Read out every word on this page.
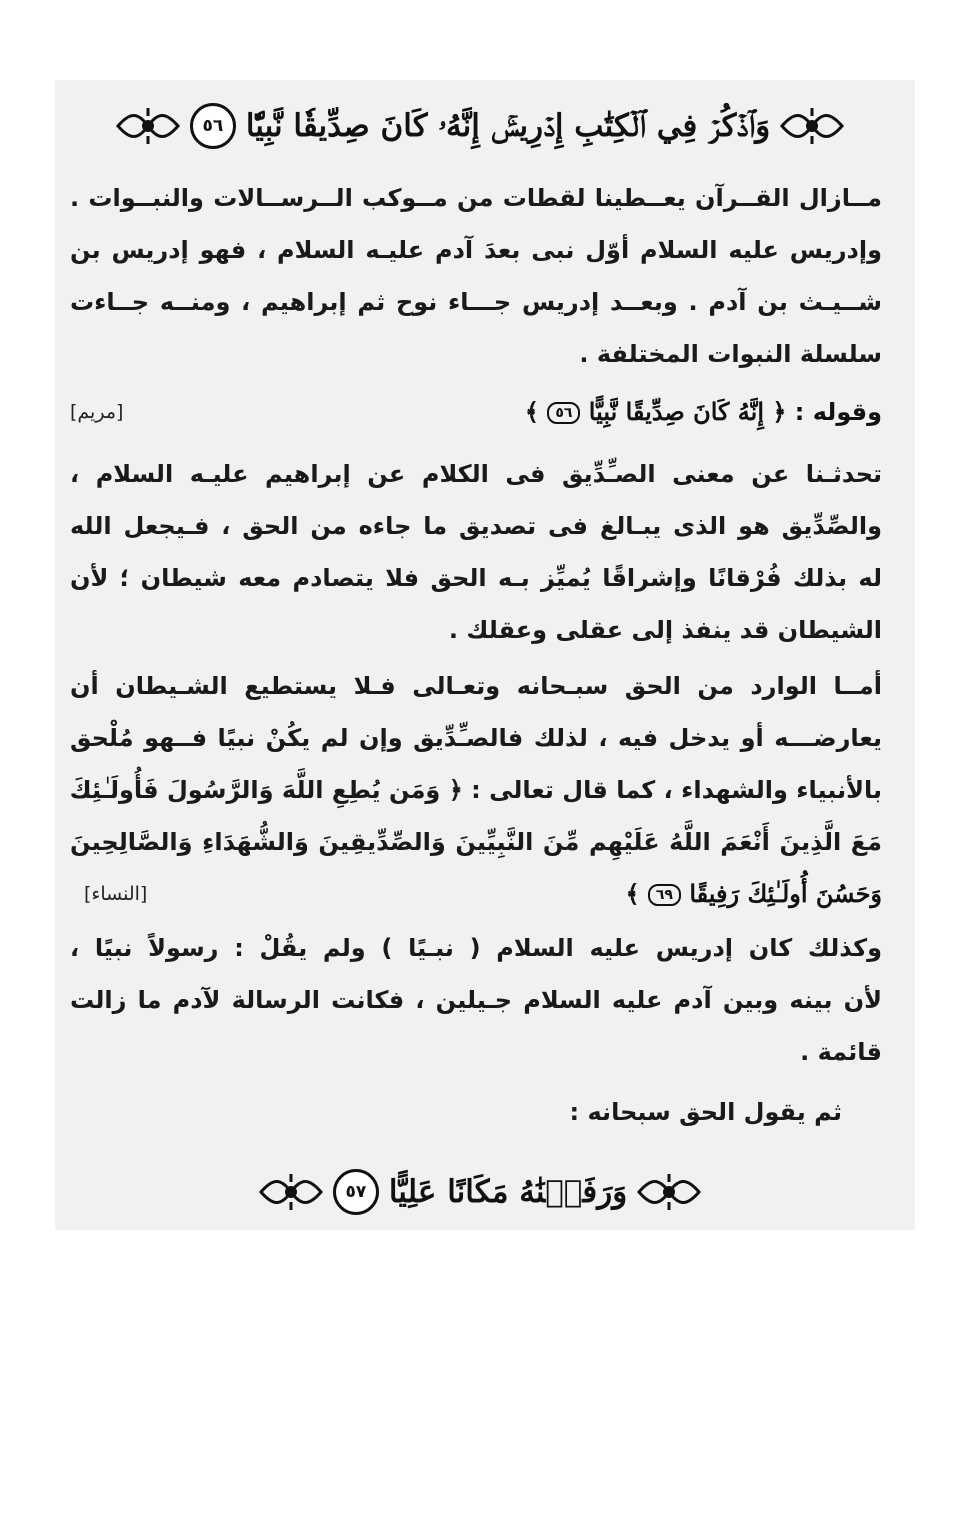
وَٱذۡكُرۡ فِي ٱلۡكِتَٰبِ إِدۡرِيسَۚ إِنَّهُۥ كَانَ صِدِّيقٗا نَّبِيّٗا
٥٦
مــازال القــرآن يعــطينا لقطات من مــوكب الــرســالات والنبــوات .
وإدريس عليه السلام أوّل نبى بعدَ آدم عليـه السلام ، فهو إدريس بن
شــيـث بن آدم . وبعــد إدريس جـــاء نوح ثم إبراهيم ، ومنــه جــاءت
سلسلة النبوات المختلفة .
وقوله : ﴿ إِنَّهُ كَانَ صِدِّيقًا نَّبِيًّا ٥٦ ﴾
[مريم]
تحدثـنا عن معنى الصـِّدِّيق فى الكلام عن إبراهيم عليـه السلام ،
والصِّدِّيق هو الذى يبـالغ فى تصديق ما جاءه من الحق ، فـيجعل الله
له بذلك فُرْقانًا وإشراقًا يُميِّز بـه الحق فلا يتصادم معه شيطان ؛ لأن
الشيطان قد ينفذ إلى عقلى وعقلك .
أمــا الوارد من الحق سبـحانه وتعـالى فـلا يستطيع الشـيطان أن
يعارضـــه أو يدخل فيه ، لذلك فالصـِّدِّيق وإن لم يكُنْ نبيًا فــهو مُلْحق
بالأنبياء والشهداء ، كما قال تعالى : ﴿ وَمَن يُطِعِ اللَّهَ وَالرَّسُولَ فَأُولَـٰئِكَ
مَعَ الَّذِينَ أَنْعَمَ اللَّهُ عَلَيْهِم مِّنَ النَّبِيِّينَ وَالصِّدِّيقِينَ وَالشُّهَدَاءِ وَالصَّالِحِينَ
وَحَسُنَ أُولَـٰئِكَ رَفِيقًا ٦٩ ﴾
[النساء]
وكذلك كان إدريس عليه السلام ( نبـيًا ) ولم يقُلْ : رسولاً نبيًا ،
لأن بينه وبين آدم عليه السلام جـيلين ، فكانت الرسالة لآدم ما زالت
قائمة .
ثم يقول الحق سبحانه :
وَرَفَعۡنَٰهُ مَكَانًا عَلِيًّا
٥٧
